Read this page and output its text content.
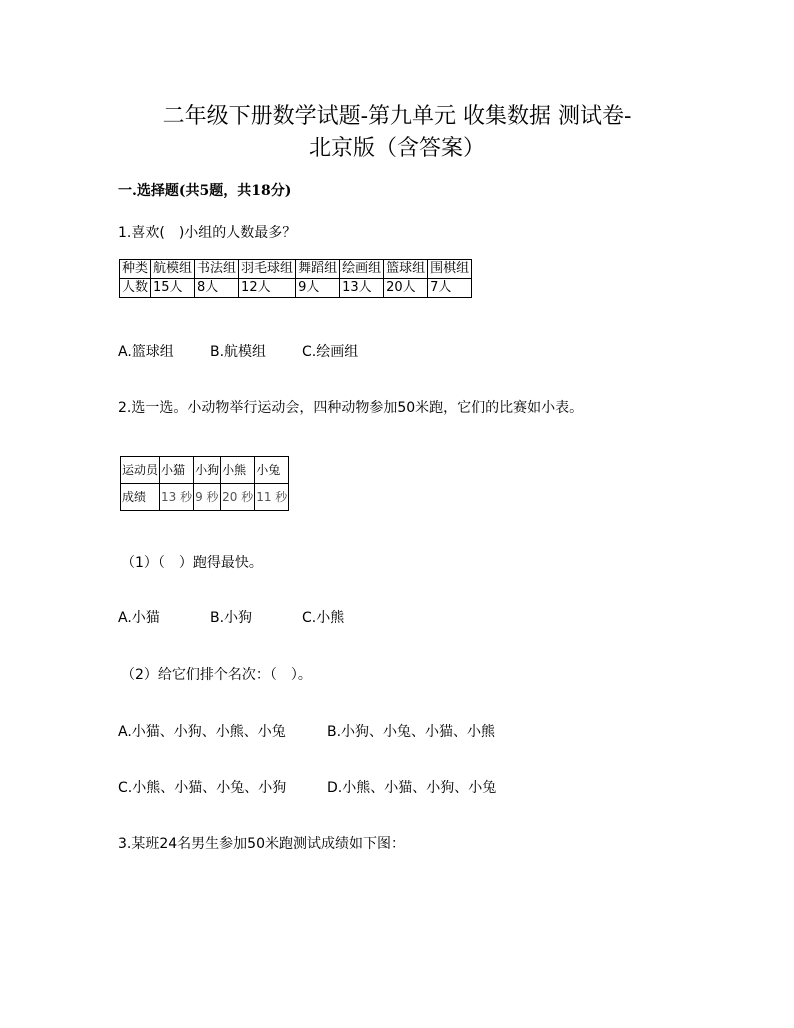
二年级下册数学试题-第九单元 收集数据 测试卷-
北京版（含答案）
一.选择题(共5题，共18分)
1.喜欢(　)小组的人数最多？
种类	航模组	书法组	羽毛球组	舞蹈组	绘画组	篮球组	围棋组
人数	15人	8人	12人	9人	13人	20人	7人
A.篮球组	B.航模组	C.绘画组
2.选一选。小动物举行运动会，四种动物参加50米跑，它们的比赛如小表。
运动员	小猫	小狗	小熊	小兔
成绩	13 秒	9 秒	20 秒	11 秒
（1）（　）跑得最快。
A.小猫	B.小狗	C.小熊
（2）给它们排个名次：（　）。
A.小猫、小狗、小熊、小兔	B.小狗、小兔、小猫、小熊
C.小熊、小猫、小兔、小狗	D.小熊、小猫、小狗、小兔
3.某班24名男生参加50米跑测试成绩如下图：
